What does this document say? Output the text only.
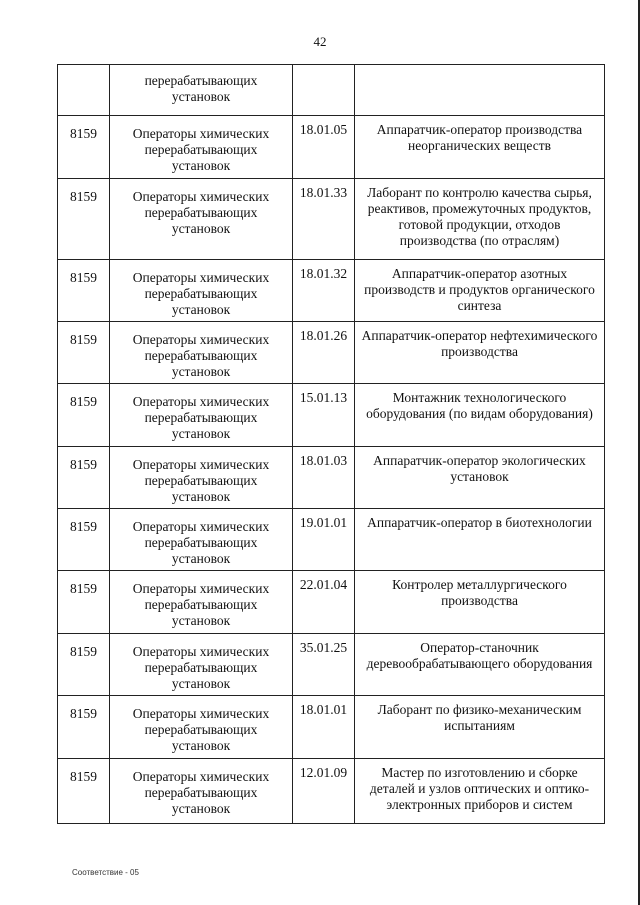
42
	перерабатывающих установок		
8159	Операторы химических перерабатывающих установок	18.01.05	Аппаратчик-оператор производства неорганических веществ
8159	Операторы химических перерабатывающих установок	18.01.33	Лаборант по контролю качества сырья, реактивов, промежуточных продуктов, готовой продукции, отходов производства (по отраслям)
8159	Операторы химических перерабатывающих установок	18.01.32	Аппаратчик-оператор азотных производств и продуктов органического синтеза
8159	Операторы химических перерабатывающих установок	18.01.26	Аппаратчик-оператор нефтехимического производства
8159	Операторы химических перерабатывающих установок	15.01.13	Монтажник технологического оборудования (по видам оборудования)
8159	Операторы химических перерабатывающих установок	18.01.03	Аппаратчик-оператор экологических установок
8159	Операторы химических перерабатывающих установок	19.01.01	Аппаратчик-оператор в биотехнологии
8159	Операторы химических перерабатывающих установок	22.01.04	Контролер металлургического производства
8159	Операторы химических перерабатывающих установок	35.01.25	Оператор-станочник деревообрабатывающего оборудования
8159	Операторы химических перерабатывающих установок	18.01.01	Лаборант по физико-механическим испытаниям
8159	Операторы химических перерабатывающих установок	12.01.09	Мастер по изготовлению и сборке деталей и узлов оптических и оптико-электронных приборов и систем
Соответствие - 05
